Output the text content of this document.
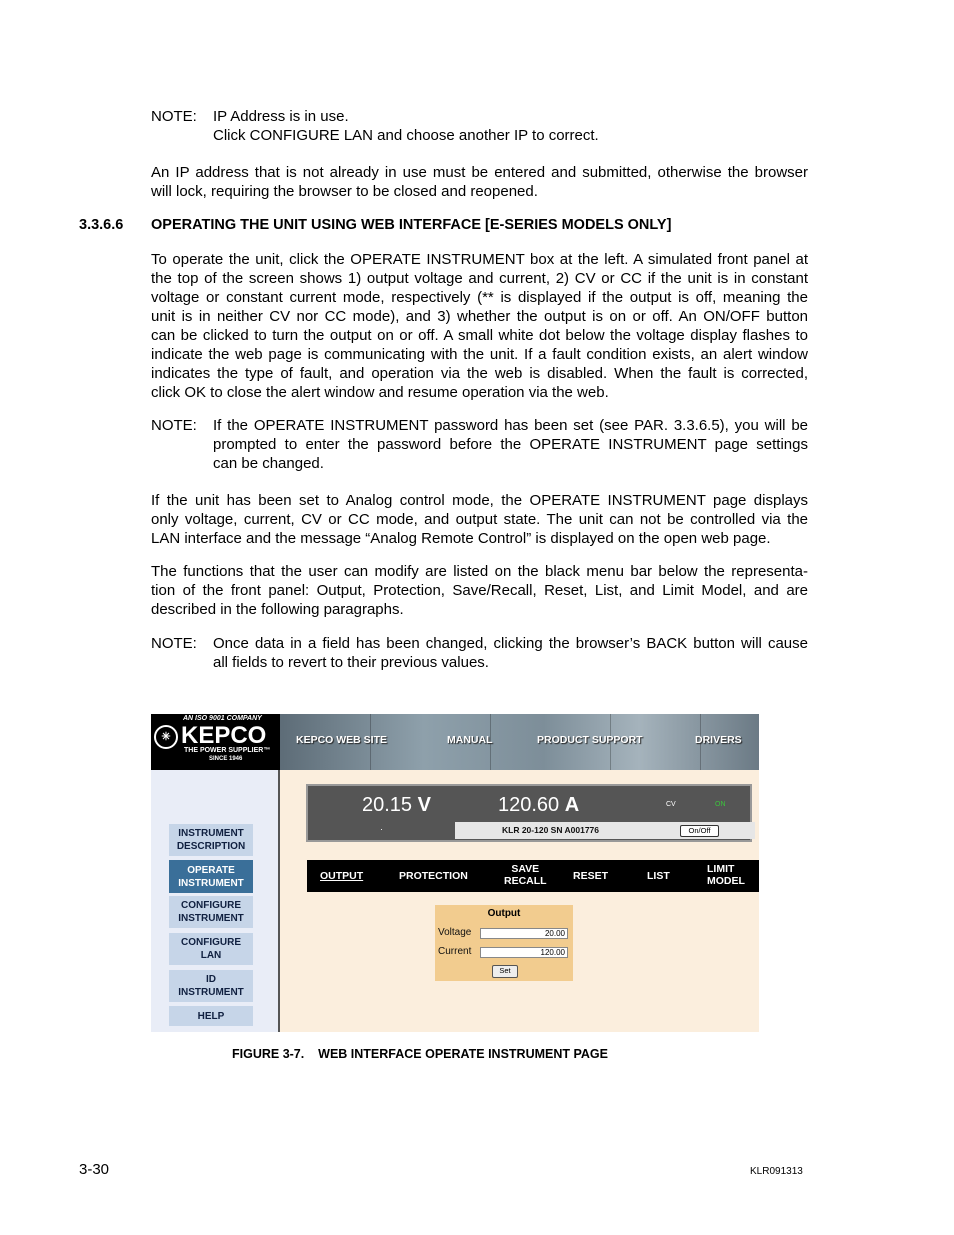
NOTE: IP Address is in use.
Click CONFIGURE LAN and choose another IP to correct.
An IP address that is not already in use must be entered and submitted, otherwise the browser
will lock, requiring the browser to be closed and reopened.
3.3.6.6 OPERATING THE UNIT USING WEB INTERFACE [E-SERIES MODELS ONLY]
To operate the unit, click the OPERATE INSTRUMENT box at the left. A simulated front panel at
the top of the screen shows 1) output voltage and current, 2) CV or CC if the unit is in constant
voltage or constant current mode, respectively (** is displayed if the output is off, meaning the
unit is in neither CV nor CC mode), and 3) whether the output is on or off. An ON/OFF button
can be clicked to turn the output on or off. A small white dot below the voltage display flashes to
indicate the web page is communicating with the unit. If a fault condition exists, an alert window
indicates the type of fault, and operation via the web is disabled. When the fault is corrected,
click OK to close the alert window and resume operation via the web.
NOTE: If the OPERATE INSTRUMENT password has been set (see PAR. 3.3.6.5), you will be
prompted to enter the password before the OPERATE INSTRUMENT page settings
can be changed.
If the unit has been set to Analog control mode, the OPERATE INSTRUMENT page displays
only voltage, current, CV or CC mode, and output state. The unit can not be controlled via the
LAN interface and the message “Analog Remote Control” is displayed on the open web page.
The functions that the user can modify are listed on the black menu bar below the representa-
tion of the front panel: Output, Protection, Save/Recall, Reset, List, and Limit Model, and are
described in the following paragraphs.
NOTE: Once data in a field has been changed, clicking the browser’s BACK button will cause
all fields to revert to their previous values.
AN ISO 9001 COMPANY
✳ KEPCO
THE POWER SUPPLIER™
SINCE 1946
KEPCO WEB SITE	MANUAL	PRODUCT SUPPORT	DRIVERS
INSTRUMENT
DESCRIPTION
OPERATE
INSTRUMENT
CONFIGURE
INSTRUMENT
CONFIGURE
LAN
ID
INSTRUMENT
HELP
20.15 V	120.60 A	CV	ON
·	KLR 20-120 SN A001776	On/Off
OUTPUT	PROTECTION
SAVE
RECALL	RESET	LIST
LIMIT
MODEL
Output
Voltage	20.00
Current	120.00
Set
FIGURE 3-7. WEB INTERFACE OPERATE INSTRUMENT PAGE
3-30	KLR091313
